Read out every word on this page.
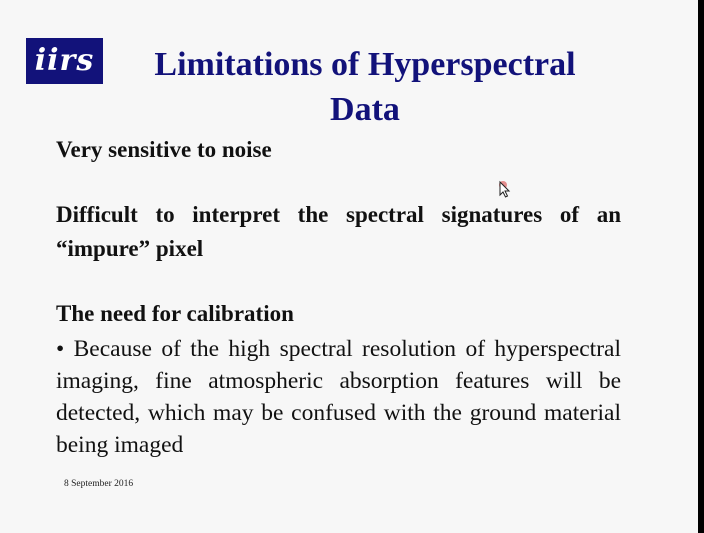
iirs	Limitations of Hyperspectral
Data
Very sensitive to noise
Difficult to interpret the spectral signatures of an “impure” pixel
The need for calibration
• Because of the high spectral resolution of hyperspectral imaging, fine atmospheric absorption features will be detected, which may be confused with the ground material being imaged
8 September 2016
